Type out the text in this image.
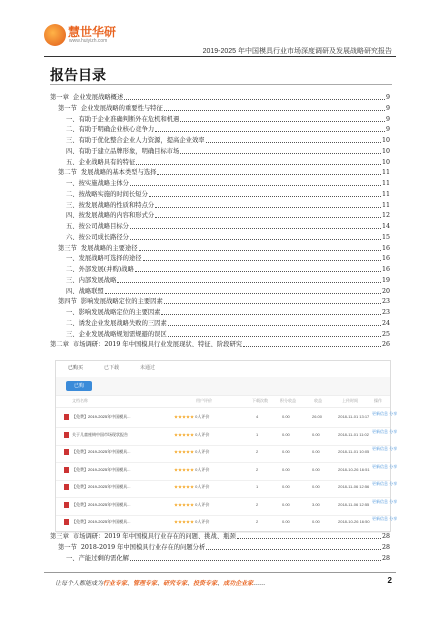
慧世华研
www.huiyizh.com
2019-2025 年中国模具行业市场深度调研及发展战略研究报告
报告目录
第一章  企业发展战略概述	9
第一节  企业发展战略的重要性与特征	9
一、有助于企业准确判断外在危机和机遇	9
二、有助于明确企业核心竞争力	9
三、有助于优化整合企业人力资源，提高企业效率	10
四、有助于建立品牌形象，明确目标市场	10
五、企业战略具有的特征	10
第二节  发展战略的基本类型与选择	11
一、按实施战略主体分	11
二、按战略实施的时间长短分	11
三、按发展战略的性质和特点分	11
四、按发展战略的内容和形式分	12
五、按公司战略目标分	14
六、按公司成长路径分	15
第三节  发展战略的主要途径	16
一、发展战略可选择的途径	16
二、外部发展(并购)战略	16
三、内部发展战略	19
四、战略联盟	20
第四节  影响发展战略定位的主要因素	23
一、影响发展战略定位的主要因素	23
二、诱发企业发展战略失败的三因素	24
三、企业发展战略规划需规避的误区	25
第二章  市场调研：2019 年中国模具行业发展现状、特征、阶段研究	26
已购买	已下载	未通过
已购
文档名称	用户评价	下载次数	积分收益	收益	上传时间	操作
【免费】2019-2025年中国模具...	★★★★★ 0人评价	4	0.00	26.00	2018-11-01 13:17
更新信息 分享
关于儿童座椅中国市场现状报告	★★★★★ 0人评价	1	0.00	0.00	2018-11-01 11:02
更新信息 分享
【免费】2019-2025年中国模具...	★★★★★ 0人评价	2	0.00	0.00	2018-11-01 10:05
更新信息 分享
【免费】2019-2025年中国模具...	★★★★★ 0人评价	2	0.00	0.00	2018-10-26 16:51
更新信息 分享
【免费】2019-2025年中国模具...	★★★★★ 0人评价	1	0.00	0.00	2018-11-06 12:56
更新信息 分享
【免费】2019-2025年中国模具...	★★★★★ 0人评价	2	0.00	3.00	2018-11-06 12:55
更新信息 分享
【免费】2019-2025年中国模具...	★★★★★ 0人评价	2	0.00	0.00	2018-10-26 16:50
更新信息 分享
第三章  市场调研：2019 年中国模具行业存在的问题、挑战、瓶颈	28
第一节  2018-2019 年中国模具行业存在的问题分析	28
一、产能过剩的需化解	28
让每个人都能成为行业专家、管理专家、研究专家、投资专家、成功企业家……	2
